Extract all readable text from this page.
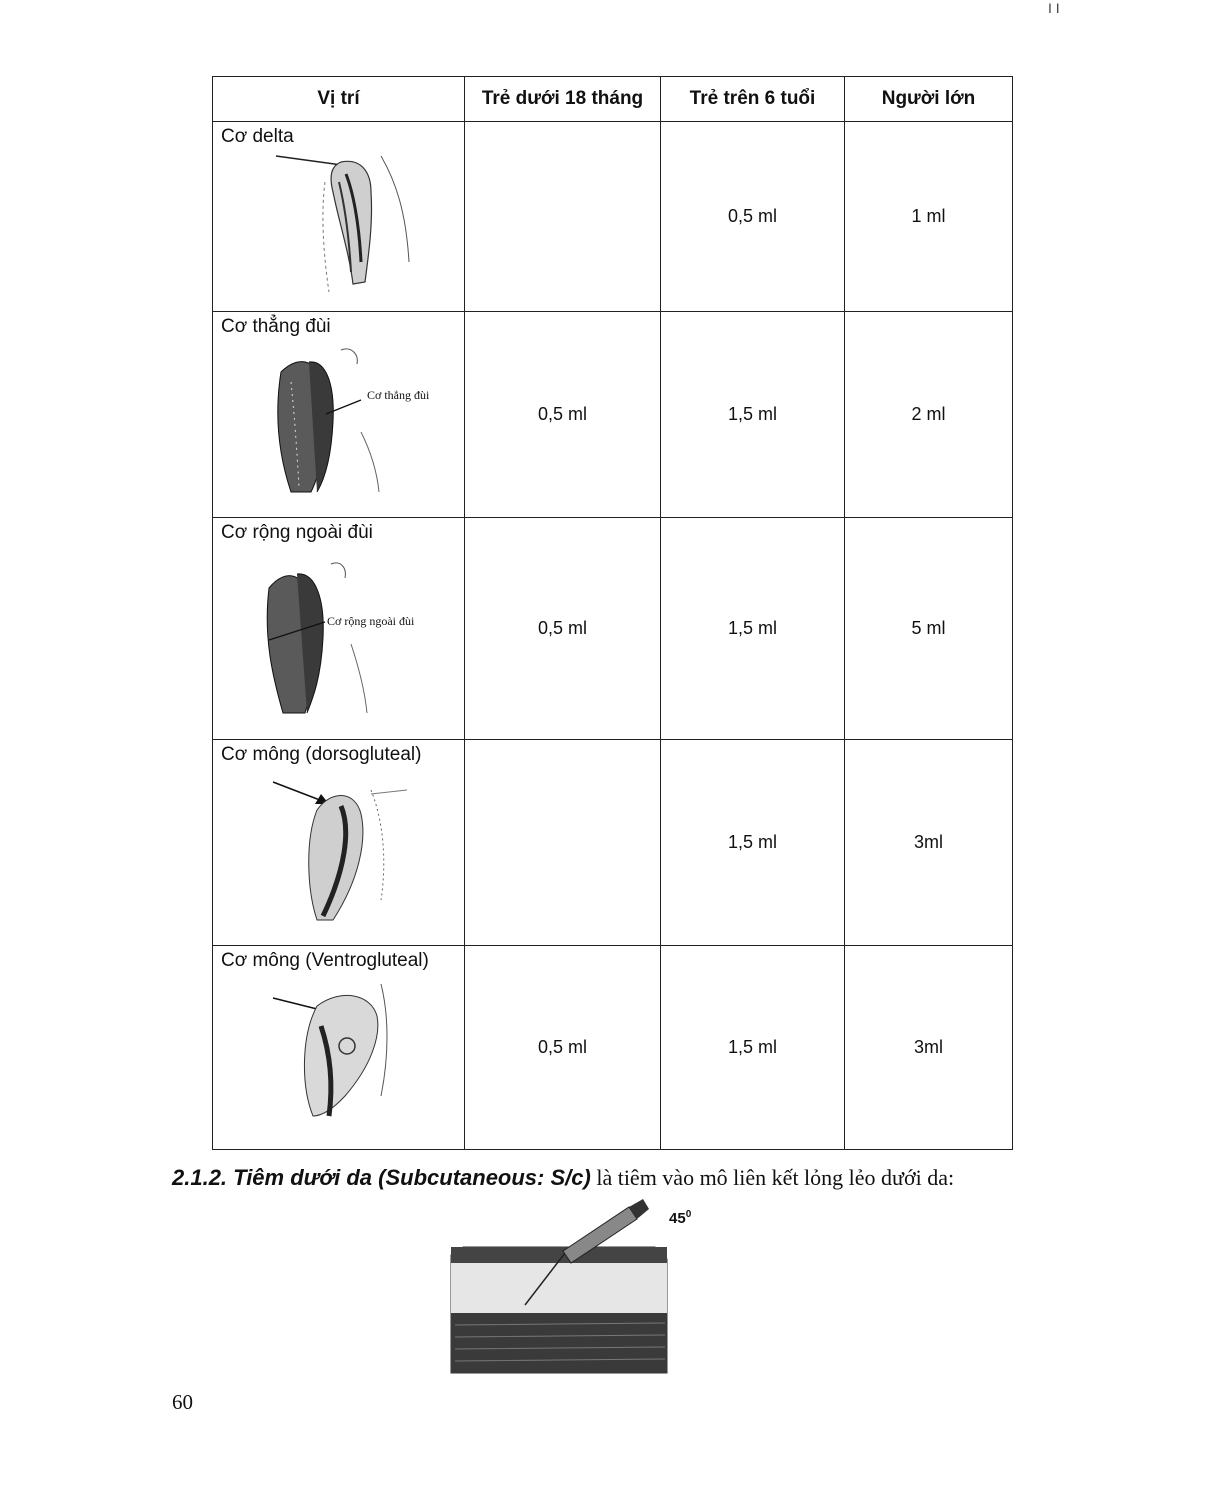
I I
Vị trí	Trẻ dưới 18 tháng	Trẻ trên 6 tuổi	Người lớn

Cơ delta		0,5 ml	1 ml

Cơ thẳng đùi
Cơ thẳng đùi	0,5 ml	1,5 ml	2 ml

Cơ rộng ngoài đùi
Cơ rộng ngoài đùi	0,5 ml	1,5 ml	5 ml

Cơ mông (dorsogluteal)		1,5 ml	3ml

Cơ mông (Ventrogluteal)	0,5 ml	1,5 ml	3ml
2.1.2. Tiêm dưới da (Subcutaneous: S/c) là tiêm vào mô liên kết lỏng lẻo dưới da:
$45^0$
60
